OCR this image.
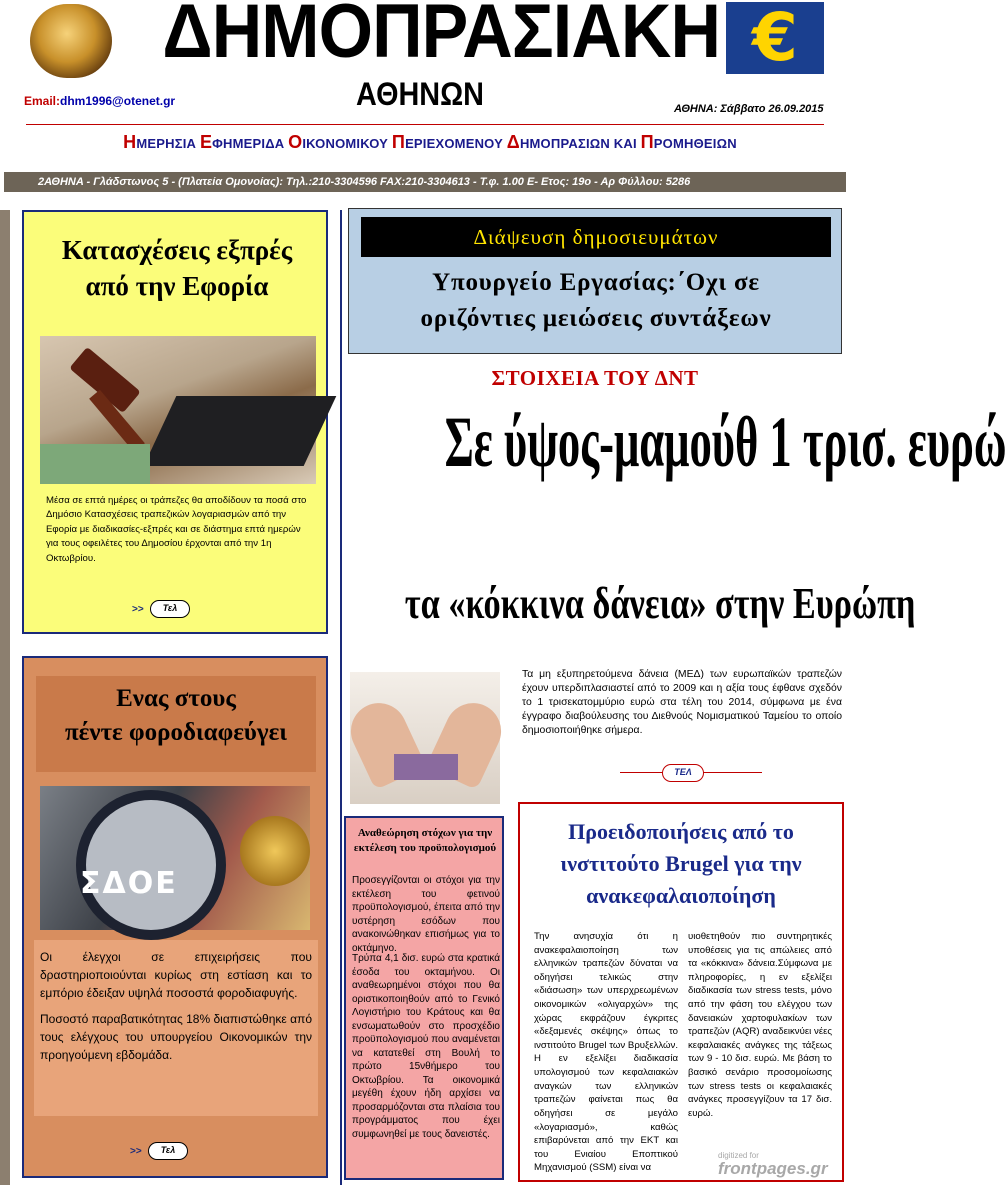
ΔΗΜΟΠΡΑΣΙΑΚΗ
ΑΘΗΝΩΝ
€
Email:dhm1996@otenet.gr
ΑΘΗΝΑ: Σάββατο 26.09.2015
ΗΜΕΡΗΣΙΑ ΕΦΗΜΕΡΙΔΑ ΟΙΚΟΝΟΜΙΚΟΥ ΠΕΡΙΕΧΟΜΕΝΟΥ ΔΗΜΟΠΡΑΣΙΩΝ ΚΑΙ ΠΡΟΜΗΘΕΙΩΝ
2ΑΘΗΝΑ - Γλάδστωνος 5 - (Πλατεία Ομονοίας): Τηλ.:210-3304596 FAX:210-3304613 - Τ.φ. 1.00 Ε- Ετος: 19ο - Αρ Φύλλου: 5286
Κατασχέσεις εξπρές
από την Εφορία
Μέσα σε επτά ημέρες οι τράπεζες θα αποδίδουν τα ποσά στο Δημόσιο Κατασχέσεις τραπεζικών λογαριασμών από την Εφορία με διαδικασίες-εξπρές και σε διάστημα επτά ημερών για τους οφειλέτες του Δημοσίου έρχονται από την 1η Οκτωβρίου.
>>	Τελ
Ενας στους
πέντε φοροδιαφεύγει
ΣΔΟΕ

Οι έλεγχοι σε επιχειρήσεις που δραστηριοποιούνται κυρίως στη εστίαση και το εμπόριο έδειξαν υψηλά ποσοστά φοροδιαφυγής.

Ποσοστό παραβατικότητας 18% διαπιστώθηκε από τους ελέγχους του υπουργείου Οικονομικών την προηγούμενη εβδομάδα.

>>	Τελ
Διάψευση δημοσιευμάτων
Υπουργείο Εργασίας:΄Οχι σε
οριζόντιες μειώσεις συντάξεων
ΣΤΟΙΧΕΙΑ ΤΟΥ ΔΝΤ
Σε ύψος-μαμούθ 1 τρισ. ευρώ
τα «κόκκινα δάνεια» στην Ευρώπη
Τα μη εξυπηρετούμενα δάνεια (ΜΕΔ) των ευρωπαϊκών τραπεζών έχουν υπερδιπλασιαστεί από το 2009 και η αξία τους έφθανε σχεδόν το 1 τρισεκατομμύριο ευρώ στα τέλη του 2014, σύμφωνα με ένα έγγραφο διαβούλευσης του Διεθνούς Νομισματικού Ταμείου το οποίο δημοσιοποιήθηκε σήμερα.
ΤΕΛ
Αναθεώρηση στόχων για την εκτέλεση του προϋπολογισμού
Προσεγγίζονται οι στόχοι για την εκτέλεση του φετινού προϋπολογισμού, έπειτα από την υστέρηση εσόδων που ανακοινώθηκαν επισήμως για το οκτάμηνο.
Τρύπα 4,1 δισ. ευρώ στα κρατικά έσοδα του οκταμήνου. Οι αναθεωρημένοι στόχοι που θα οριστικοποιηθούν από το Γενικό Λογιστήριο του Κράτους και θα ενσωματωθούν στο προσχέδιο προϋπολογισμού που αναμένεται να κατατεθεί στη Βουλή το πρώτο 15νθήμερο του Οκτωβρίου. Τα οικονομικά μεγέθη έχουν ήδη αρχίσει να προσαρμόζονται στα πλαίσια του προγράμματος που έχει συμφωνηθεί με τους δανειστές.
Προειδοποιήσεις από το
ινστιτούτο Brugel για την
ανακεφαλαιοποίηση
Την ανησυχία ότι η ανακεφαλαιοποίηση των ελληνικών τραπεζών δύναται να οδηγήσει τελικώς στην «διάσωση» των υπερχρεωμένων οικονομικών «ολιγαρχών» της χώρας εκφράζουν έγκριτες «δεξαμενές σκέψης» όπως το ινστιτούτο Brugel των Βρυξελλών. Η εν εξελίξει διαδικασία υπολογισμού των κεφαλαιακών αναγκών των ελληνικών τραπεζών φαίνεται πως θα οδηγήσει σε μεγάλο «λογαριασμό», καθώς επιβαρύνεται από την ΕΚΤ και του Ενιαίου Εποπτικού Μηχανισμού (SSM) είναι να
υιοθετηθούν πιο συντηρητικές υποθέσεις για τις απώλειες από τα «κόκκινα» δάνεια.Σύμφωνα με πληροφορίες, η εν εξελίξει διαδικασία των stress tests, μόνο από την φάση του ελέγχου των δανειακών χαρτοφυλακίων των τραπεζών (AQR) αναδεικνύει νέες κεφαλαιακές ανάγκες της τάξεως των 9 - 10 δισ. ευρώ. Με βάση το βασικό σενάριο προσομοίωσης των stress tests οι κεφαλαιακές ανάγκες προσεγγίζουν τα 17 δισ. ευρώ.
digitized for
frontpages.gr
